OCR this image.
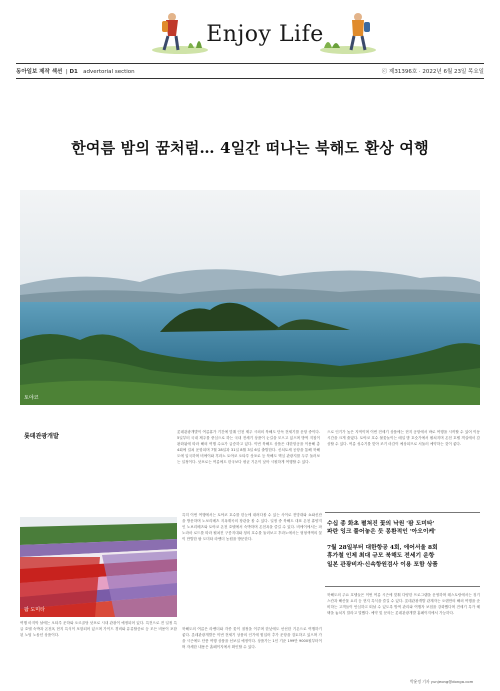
Enjoy Life
동아일보 제작 섹션  | D1 advertorial section	ⓒ 제31396호 · 2022년 6월 23일 목요일
한여름 밤의 꿈처럼… 4일간 떠나는 북해도 환상 여행
토야코
롯데관광개발

롯데관광개발이 여름휴가 기간에 맞춰 인천 제주 시외의 북해도 단독 전세기를 운항 중이다. 5일부터 국내 제주를 중심으로 하는 국내 전세기 상품이 눈길을 모으고 있으며 방역 지침이 완화됨에 따라 해외 여행 수요가 급증하고 있다. 이번 북해도 상품은 대한항공을 이용해 총 4회에 걸쳐 운항되며 7월 28일과 31일 8월 3일 6일 출발한다. 신치토세 공항을 통해 북해도에 입국하며 비에이와 후라노 토야코 오타루 삿포로 등 북해도 핵심 관광지를 두루 둘러보는 일정이다. 삿포로는 여름에도 한국보다 평균 기온이 낮아 시원하게 여행할 수 있다.

특히 이번 여행에서는 토야코 호수를 한눈에 내려다볼 수 있는 사이로 전망대와 쇼와신잔을 방문하며 노보리베츠 지옥계곡의 장관을 볼 수 있다. 일정 중 북해도 대표 온천 휴양지인 노보리베츠와 토야코 온천 호텔에서 숙박하며 온천욕을 즐길 수 있다. 비에이에서는 파노라마 로드를 따라 펼쳐진 구릉지대와 청의 호수를 둘러보고 후라노에서는 형형색색의 꽃이 만발한 팜 도미타 라벤더 농원을 방문한다.

팜 도미타

여행 마지막 날에는 오타루 운하와 오르골당 삿포로 시내 관광이 예정되어 있다. 특전으로 전 일정 특급 호텔 숙박과 온천욕 현지 특식이 포함되어 있으며 가이드 경비와 유류할증료 등 모든 비용이 포함된 노팁 노옵션 상품이다.

북해도의 여름은 라벤더와 각종 꽃이 절정을 이루며 한낮에도 선선한 기온으로 여행하기 좋다. 롯데관광개발은 이번 전세기 상품의 인기에 힘입어 추가 운항을 검토하고 있으며 가을 시즌에도 단풍 여행 상품을 선보일 예정이다. 상품가는 1인 기준 199만 9000원부터이며 자세한 내용은 홈페이지에서 확인할 수 있다.

으로 인기가 높은 지역이며 이번 전세기 상품에는 현지 공항에서 바로 여행을 시작할 수 있어 이동 시간을 크게 줄였다. 토야코 호수 불꽃놀이는 매일 밤 호숫가에서 펼쳐지며 온천 호텔 객실에서 감상할 수 있다. 여름 성수기를 맞아 조기 마감이 예상되므로 서둘러 예약하는 것이 좋다.

수십 종 화초 펼쳐진 꽃의 낙원 '팜 도미타'
파란 잉크 풀어놓은 듯 몽환적인 '아오이케'
7월 28일부터 대한항공 4회, 에어서울 8회
휴가철 인제 최대 규모 북해도 전세기 운항
일본 관광비자·신속항원검사 이용 포함 상품

북해도의 주요 호텔들은 이번 여름 시즌에 맞춰 다양한 프로그램을 운영하며 레스토랑에서는 징기스칸과 해산물 요리 등 현지 특식을 즐길 수 있다. 롯데관광개발 관계자는 오랜만의 해외 여행을 준비하는 고객들이 안심하고 떠날 수 있도록 방역 관리와 여행자 보험을 강화했다며 전세기 특가 혜택을 놓치지 말라고 말했다. 예약 및 문의는 롯데관광개발 홈페이지에서 가능하다.

박윤정 기자 yunjeong@donga.com
